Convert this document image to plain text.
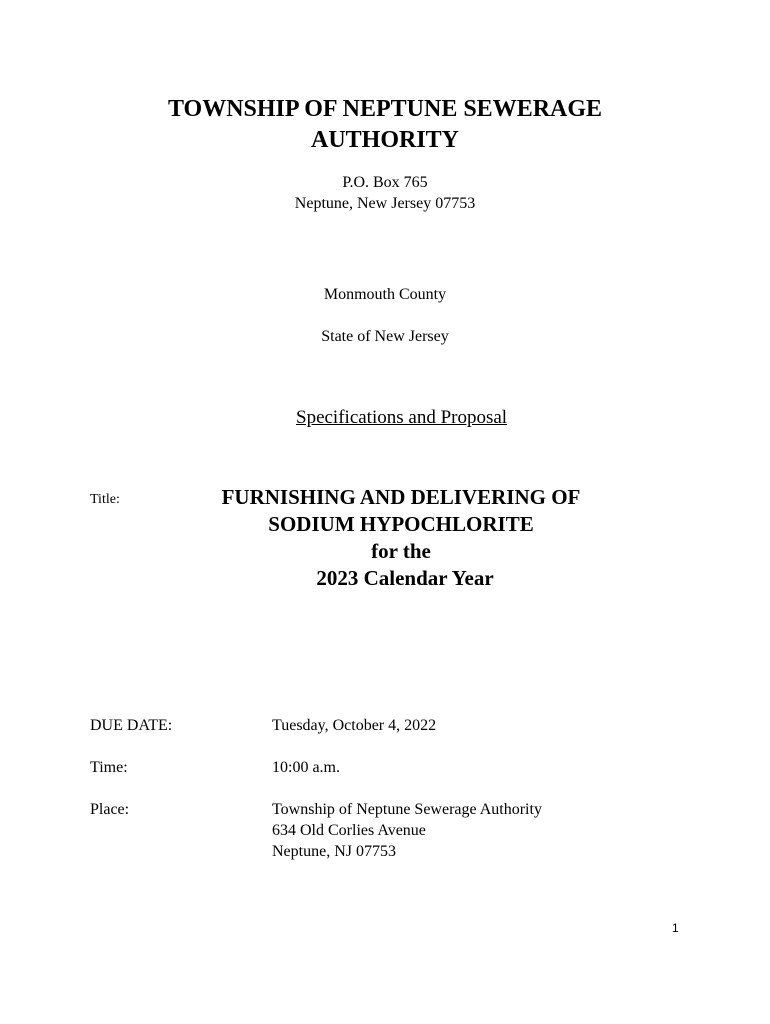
TOWNSHIP OF NEPTUNE SEWERAGE
AUTHORITY
P.O. Box 765
Neptune, New Jersey 07753
Monmouth County
State of New Jersey
Specifications and Proposal
Title:	FURNISHING AND DELIVERING OF
SODIUM HYPOCHLORITE
for the
2023 Calendar Year
DUE DATE:	Tuesday, October 4, 2022
Time:	10:00 a.m.
Place:	Township of Neptune Sewerage Authority
634 Old Corlies Avenue
Neptune, NJ 07753
1
